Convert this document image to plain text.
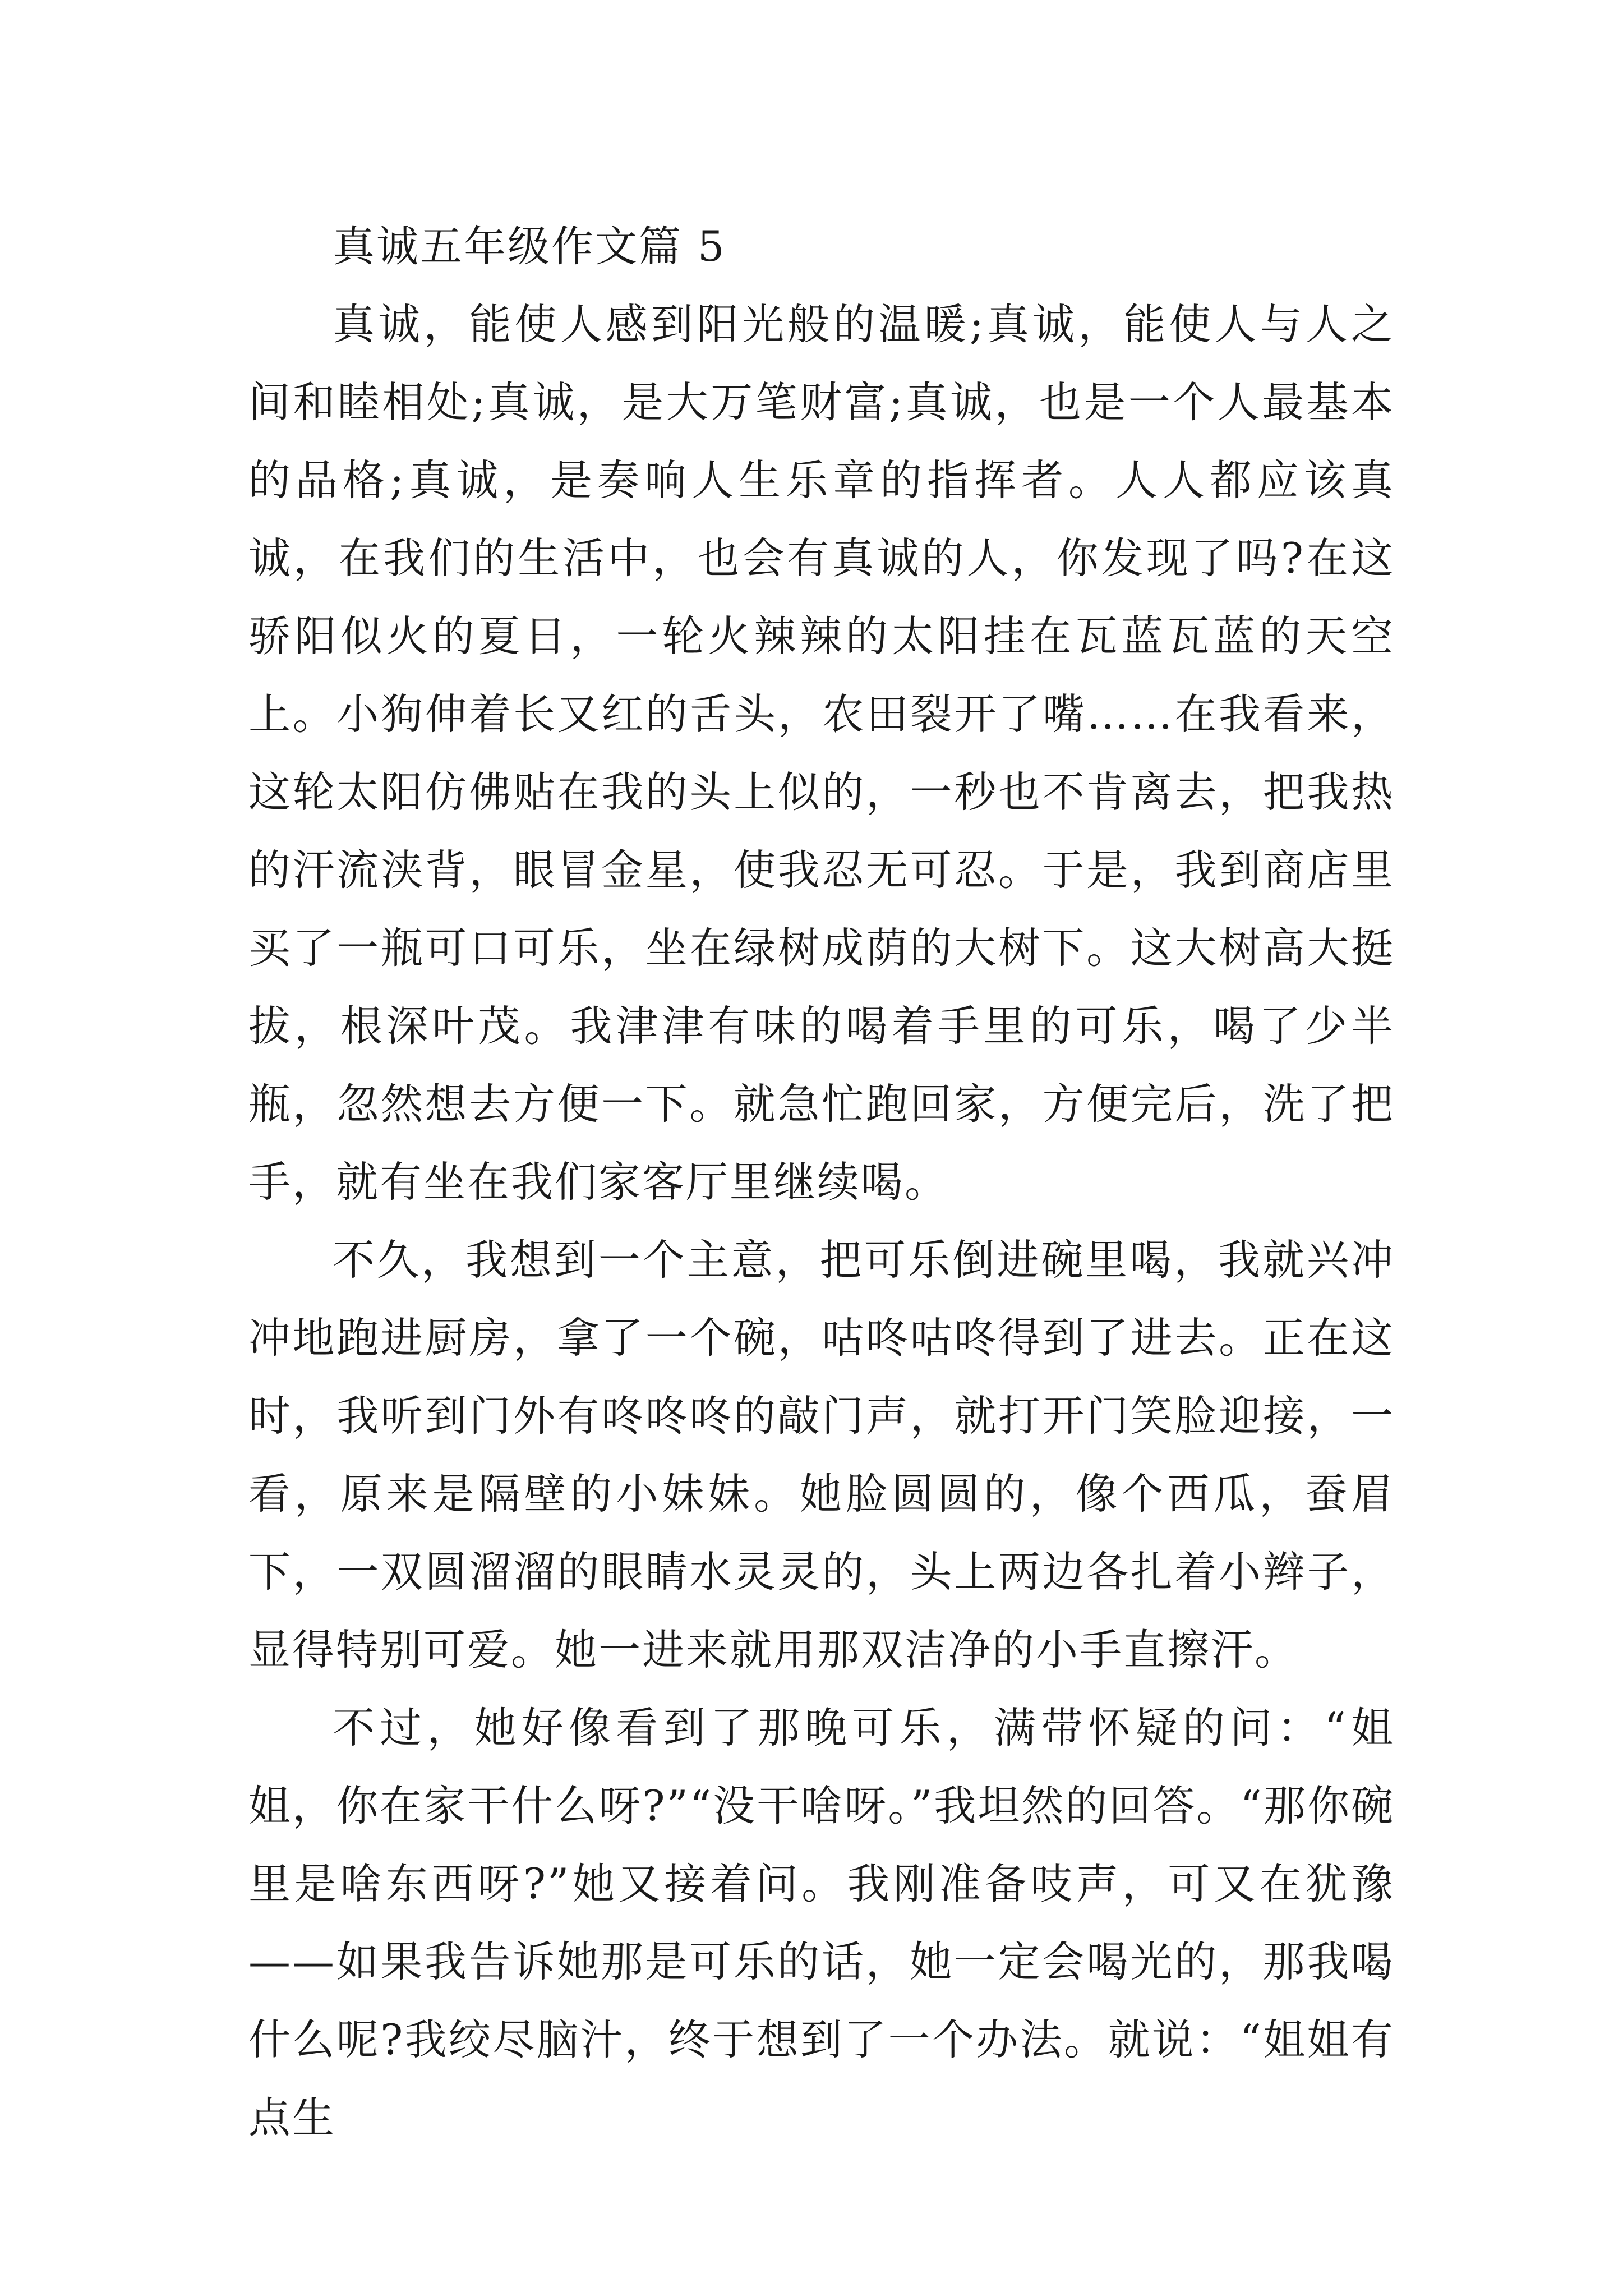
真诚五年级作文篇 5

真诚，能使人感到阳光般的温暖;真诚，能使人与人之间和睦相处;真诚，是大万笔财富;真诚，也是一个人最基本的品格;真诚，是奏响人生乐章的指挥者。人人都应该真诚，在我们的生活中，也会有真诚的人，你发现了吗?在这骄阳似火的夏日，一轮火辣辣的太阳挂在瓦蓝瓦蓝的天空上。小狗伸着长又红的舌头，农田裂开了嘴……在我看来，这轮太阳仿佛贴在我的头上似的，一秒也不肯离去，把我热的汗流浃背，眼冒金星，使我忍无可忍。于是，我到商店里买了一瓶可口可乐，坐在绿树成荫的大树下。这大树高大挺拔，根深叶茂。我津津有味的喝着手里的可乐，喝了少半瓶，忽然想去方便一下。就急忙跑回家，方便完后，洗了把手，就有坐在我们家客厅里继续喝。

不久，我想到一个主意，把可乐倒进碗里喝，我就兴冲冲地跑进厨房，拿了一个碗，咕咚咕咚得到了进去。正在这时，我听到门外有咚咚咚的敲门声，就打开门笑脸迎接，一看，原来是隔壁的小妹妹。她脸圆圆的，像个西瓜，蚕眉下，一双圆溜溜的眼睛水灵灵的，头上两边各扎着小辫子，显得特别可爱。她一进来就用那双洁净的小手直擦汗。

不过，她好像看到了那晚可乐，满带怀疑的问：“姐姐，你在家干什么呀?”“没干啥呀。”我坦然的回答。“那你碗里是啥东西呀?”她又接着问。我刚准备吱声，可又在犹豫——如果我告诉她那是可乐的话，她一定会喝光的，那我喝什么呢?我绞尽脑汁，终于想到了一个办法。就说：“姐姐有点生
